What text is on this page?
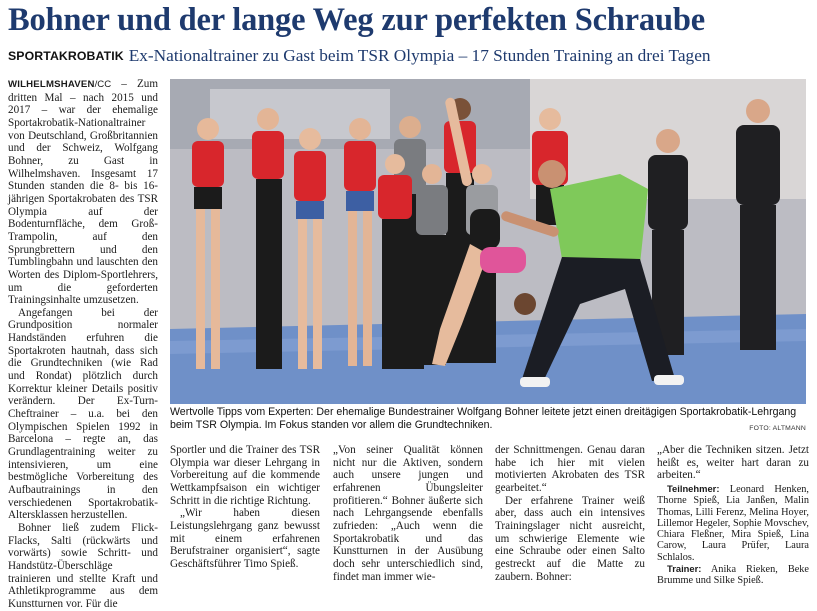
Bohner und der lange Weg zur perfekten Schraube
SPORTAKROBATIK Ex-Nationaltrainer zu Gast beim TSR Olympia – 17 Stunden Training an drei Tagen

WILHELMSHAVEN/CC – Zum dritten Mal – nach 2015 und 2017 – war der ehemalige Sportakrobatik-Nationaltrainer von Deutschland, Großbritannien und der Schweiz, Wolfgang Bohner, zu Gast in Wilhelmshaven. Insgesamt 17 Stunden standen die 8- bis 16-jährigen Sportakrobaten des TSR Olympia auf der Bodenturnfläche, dem Groß-Trampolin, auf den Sprungbrettern und den Tumblingbahn und lauschten den Worten des Diplom-Sportlehrers, um die geforderten Trainingsinhalte umzusetzen.

Angefangen bei der Grundposition normaler Handständen erfuhren die Sportakroten hautnah, dass sich die Grundtechniken (wie Rad und Rondat) plötzlich durch Korrektur kleiner Details positiv verändern. Der Ex-Turn-Cheftrainer – u.a. bei den Olympischen Spielen 1992 in Barcelona – regte an, das Grundlagentraining weiter zu intensivieren, um eine bestmögliche Vorbereitung des Aufbautrainings in den verschiedenen Sportakrobatik-Altersklassen herzustellen.

Bohner ließ zudem Flick-Flacks, Salti (rückwärts und vorwärts) sowie Schritt- und Handstütz-Überschläge trainieren und stellte Kraft und Athletikprogramme aus dem Kunstturnen vor. Für die

Wertvolle Tipps vom Experten: Der ehemalige Bundestrainer Wolfgang Bohner leitete jetzt einen dreitägigen Sportakrobatik-Lehrgang beim TSR Olympia. Im Fokus standen vor allem die Grundtechniken.	FOTO: ALTMANN

Sportler und die Trainer des TSR Olympia war dieser Lehrgang in Vorbereitung auf die kommende Wettkampfsaison ein wichtiger Schritt in die richtige Richtung.

„Wir haben diesen Leistungslehrgang ganz bewusst mit einem erfahrenen Berufstrainer organisiert“, sagte Geschäftsführer Timo Spieß.

„Von seiner Qualität können nicht nur die Aktiven, sondern auch unsere jungen und erfahrenen Übungsleiter profitieren.“ Bohner äußerte sich nach Lehrgangsende ebenfalls zufrieden: „Auch wenn die Sportakrobatik und das Kunstturnen in der Ausübung doch sehr unterschiedlich sind, findet man immer wie-

der Schnittmengen. Genau daran habe ich hier mit vielen motivierten Akrobaten des TSR gearbeitet.“

Der erfahrene Trainer weiß aber, dass auch ein intensives Trainingslager nicht ausreicht, um schwierige Elemente wie eine Schraube oder einen Salto gestreckt auf die Matte zu zaubern. Bohner:

„Aber die Techniken sitzen. Jetzt heißt es, weiter hart daran zu arbeiten.“

Teilnehmer: Leonard Henken, Thorne Spieß, Lia Janßen, Malin Thomas, Lilli Ferenz, Melina Hoyer, Lillemor Hegeler, Sophie Movschev, Chiara Fleßner, Mira Spieß, Lina Carow, Laura Prüfer, Laura Schlalos.

Trainer: Anika Rieken, Beke Brumme und Silke Spieß.
